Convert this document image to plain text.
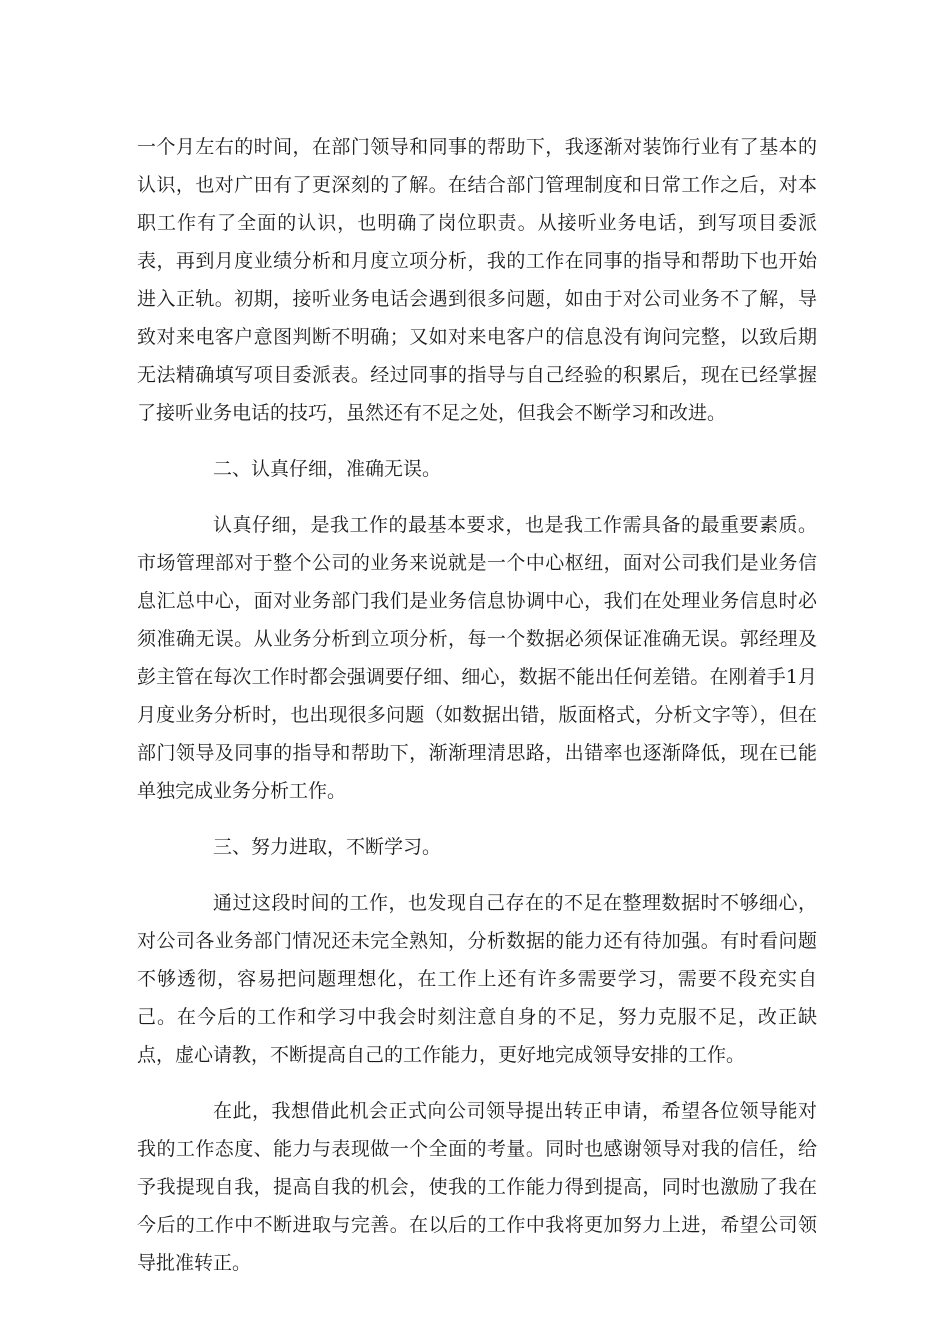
一个月左右的时间，在部门领导和同事的帮助下，我逐渐对装饰行业有了基本的认识，也对广田有了更深刻的了解。在结合部门管理制度和日常工作之后，对本职工作有了全面的认识，也明确了岗位职责。从接听业务电话，到写项目委派表，再到月度业绩分析和月度立项分析，我的工作在同事的指导和帮助下也开始进入正轨。初期，接听业务电话会遇到很多问题，如由于对公司业务不了解，导致对来电客户意图判断不明确；又如对来电客户的信息没有询问完整，以致后期无法精确填写项目委派表。经过同事的指导与自己经验的积累后，现在已经掌握了接听业务电话的技巧，虽然还有不足之处，但我会不断学习和改进。

二、认真仔细，准确无误。

认真仔细，是我工作的最基本要求，也是我工作需具备的最重要素质。市场管理部对于整个公司的业务来说就是一个中心枢纽，面对公司我们是业务信息汇总中心，面对业务部门我们是业务信息协调中心，我们在处理业务信息时必须准确无误。从业务分析到立项分析，每一个数据必须保证准确无误。郭经理及彭主管在每次工作时都会强调要仔细、细心，数据不能出任何差错。在刚着手1月月度业务分析时，也出现很多问题（如数据出错，版面格式，分析文字等），但在部门领导及同事的指导和帮助下，渐渐理清思路，出错率也逐渐降低，现在已能单独完成业务分析工作。

三、努力进取，不断学习。

通过这段时间的工作，也发现自己存在的不足在整理数据时不够细心，对公司各业务部门情况还未完全熟知，分析数据的能力还有待加强。有时看问题不够透彻，容易把问题理想化，在工作上还有许多需要学习，需要不段充实自己。在今后的工作和学习中我会时刻注意自身的不足，努力克服不足，改正缺点，虚心请教，不断提高自己的工作能力，更好地完成领导安排的工作。

在此，我想借此机会正式向公司领导提出转正申请，希望各位领导能对我的工作态度、能力与表现做一个全面的考量。同时也感谢领导对我的信任，给予我提现自我，提高自我的机会，使我的工作能力得到提高，同时也激励了我在今后的工作中不断进取与完善。在以后的工作中我将更加努力上进，希望公司领导批准转正。
